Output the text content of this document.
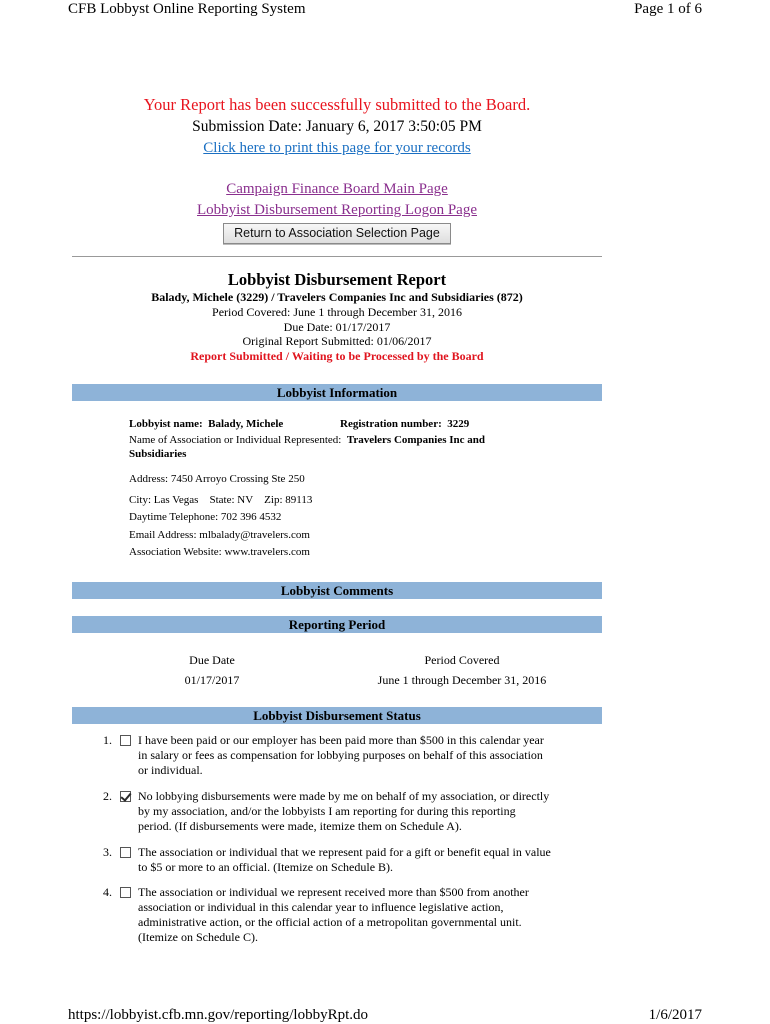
CFB Lobbyst Online Reporting System	Page 1 of 6
Your Report has been successfully submitted to the Board.
Submission Date: January 6, 2017 3:50:05 PM
Click here to print this page for your records
Campaign Finance Board Main Page
Lobbyist Disbursement Reporting Logon Page
Return to Association Selection Page
Lobbyist Disbursement Report
Balady, Michele (3229) / Travelers Companies Inc and Subsidiaries (872)
Period Covered: June 1 through December 31, 2016
Due Date: 01/17/2017
Original Report Submitted: 01/06/2017
Report Submitted / Waiting to be Processed by the Board
Lobbyist Information
Lobbyist name: Balady, Michele	Registration number: 3229
Name of Association or Individual Represented: Travelers Companies Inc and
Subsidiaries
Address: 7450 Arroyo Crossing Ste 250
City: Las Vegas State: NV Zip: 89113
Daytime Telephone: 702 396 4532
Email Address: mlbalady@travelers.com
Association Website: www.travelers.com
Lobbyist Comments
Reporting Period
Due Date	Period Covered
01/17/2017	June 1 through December 31, 2016
Lobbyist Disbursement Status
1. I have been paid or our employer has been paid more than $500 in this calendar year
in salary or fees as compensation for lobbying purposes on behalf of this association
or individual.
2. No lobbying disbursements were made by me on behalf of my association, or directly
by my association, and/or the lobbyists I am reporting for during this reporting
period. (If disbursements were made, itemize them on Schedule A).
3. The association or individual that we represent paid for a gift or benefit equal in value
to $5 or more to an official. (Itemize on Schedule B).
4. The association or individual we represent received more than $500 from another
association or individual in this calendar year to influence legislative action,
administrative action, or the official action of a metropolitan governmental unit.
(Itemize on Schedule C).
https://lobbyist.cfb.mn.gov/reporting/lobbyRpt.do	1/6/2017
